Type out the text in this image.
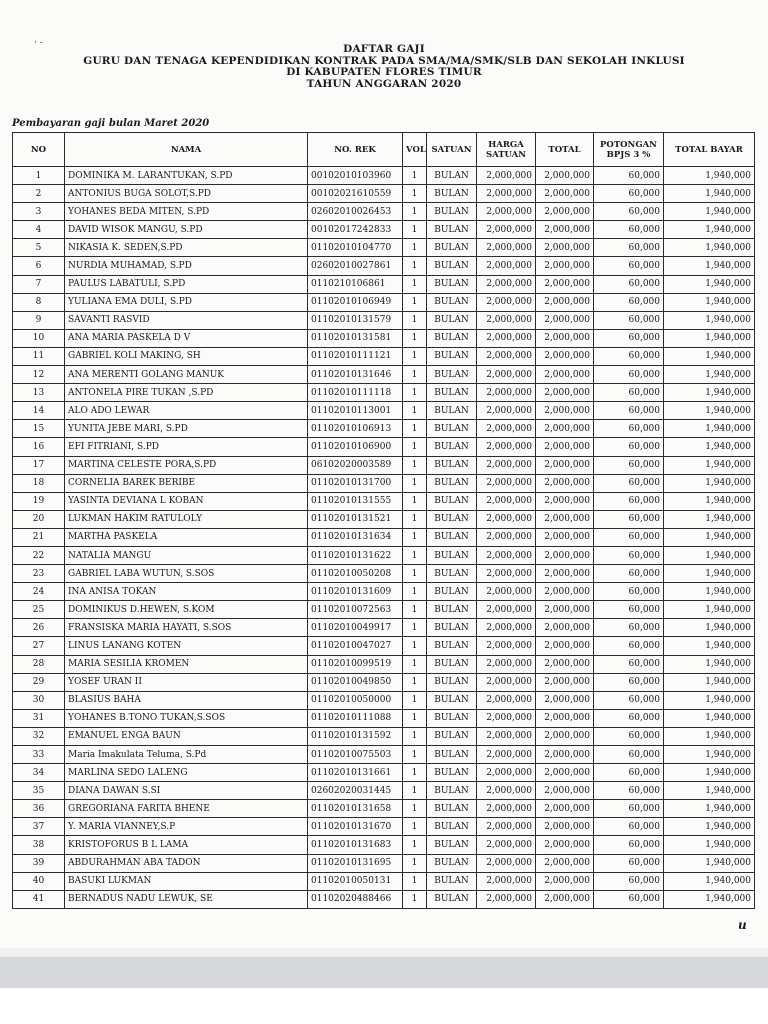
· -	DAFTAR GAJI
GURU DAN TENAGA KEPENDIDIKAN KONTRAK PADA SMA/MA/SMK/SLB DAN SEKOLAH INKLUSI
DI KABUPATEN FLORES TIMUR
TAHUN ANGGARAN 2020
Pembayaran gaji bulan Maret 2020
NO	NAMA	NO. REK	VOL	SATUAN	HARGA SATUAN	TOTAL	POTONGAN BPJS 3 %	TOTAL BAYAR
1	DOMINIKA M. LARANTUKAN, S.PD	00102010103960	1	BULAN	2,000,000	2,000,000	60,000	1,940,000
2	ANTONIUS BUGA SOLOT,S.PD	00102021610559	1	BULAN	2,000,000	2,000,000	60,000	1,940,000
3	YOHANES BEDA MITEN, S.PD	02602010026453	1	BULAN	2,000,000	2,000,000	60,000	1,940,000
4	DAVID WISOK MANGU, S.PD	00102017242833	1	BULAN	2,000,000	2,000,000	60,000	1,940,000
5	NIKASIA K. SEDEN,S.PD	01102010104770	1	BULAN	2,000,000	2,000,000	60,000	1,940,000
6	NURDIA MUHAMAD, S.PD	02602010027861	1	BULAN	2,000,000	2,000,000	60,000	1,940,000
7	PAULUS LABATULI, S.PD	0110210106861	1	BULAN	2,000,000	2,000,000	60,000	1,940,000
8	YULIANA EMA DULI, S.PD	01102010106949	1	BULAN	2,000,000	2,000,000	60,000	1,940,000
9	SAVANTI RASVID	01102010131579	1	BULAN	2,000,000	2,000,000	60,000	1,940,000
10	ANA MARIA PASKELA D V	01102010131581	1	BULAN	2,000,000	2,000,000	60,000	1,940,000
11	GABRIEL KOLI MAKING, SH	01102010111121	1	BULAN	2,000,000	2,000,000	60,000	1,940,000
12	ANA MERENTI GOLANG MANUK	01102010131646	1	BULAN	2,000,000	2,000,000	60,000	1,940,000
13	ANTONELA PIRE TUKAN ,S.PD	01102010111118	1	BULAN	2,000,000	2,000,000	60,000	1,940,000
14	ALO ADO LEWAR	01102010113001	1	BULAN	2,000,000	2,000,000	60,000	1,940,000
15	YUNITA JEBE MARI, S.PD	01102010106913	1	BULAN	2,000,000	2,000,000	60,000	1,940,000
16	EFI FITRIANI, S.PD	01102010106900	1	BULAN	2,000,000	2,000,000	60,000	1,940,000
17	MARTINA CELESTE PORA,S.PD	06102020003589	1	BULAN	2,000,000	2,000,000	60,000	1,940,000
18	CORNELIA BAREK BERIBE	01102010131700	1	BULAN	2,000,000	2,000,000	60,000	1,940,000
19	YASINTA DEVIANA L KOBAN	01102010131555	1	BULAN	2,000,000	2,000,000	60,000	1,940,000
20	LUKMAN HAKIM RATULOLY	01102010131521	1	BULAN	2,000,000	2,000,000	60,000	1,940,000
21	MARTHA PASKELA	01102010131634	1	BULAN	2,000,000	2,000,000	60,000	1,940,000
22	NATALIA MANGU	01102010131622	1	BULAN	2,000,000	2,000,000	60,000	1,940,000
23	GABRIEL LABA WUTUN, S.SOS	01102010050208	1	BULAN	2,000,000	2,000,000	60,000	1,940,000
24	INA ANISA TOKAN	01102010131609	1	BULAN	2,000,000	2,000,000	60,000	1,940,000
25	DOMINIKUS D.HEWEN, S.KOM	01102010072563	1	BULAN	2,000,000	2,000,000	60,000	1,940,000
26	FRANSISKA MARIA HAYATI, S.SOS	01102010049917	1	BULAN	2,000,000	2,000,000	60,000	1,940,000
27	LINUS LANANG KOTEN	01102010047027	1	BULAN	2,000,000	2,000,000	60,000	1,940,000
28	MARIA SESILIA KROMEN	01102010099519	1	BULAN	2,000,000	2,000,000	60,000	1,940,000
29	YOSEF URAN II	01102010049850	1	BULAN	2,000,000	2,000,000	60,000	1,940,000
30	BLASIUS BAHA	01102010050000	1	BULAN	2,000,000	2,000,000	60,000	1,940,000
31	YOHANES B.TONO TUKAN,S.SOS	01102010111088	1	BULAN	2,000,000	2,000,000	60,000	1,940,000
32	EMANUEL ENGA BAUN	01102010131592	1	BULAN	2,000,000	2,000,000	60,000	1,940,000
33	Maria Imakulata Teluma, S.Pd	01102010075503	1	BULAN	2,000,000	2,000,000	60,000	1,940,000
34	MARLINA SEDO LALENG	01102010131661	1	BULAN	2,000,000	2,000,000	60,000	1,940,000
35	DIANA DAWAN S.SI	02602020031445	1	BULAN	2,000,000	2,000,000	60,000	1,940,000
36	GREGORIANA FARITA BHENE	01102010131658	1	BULAN	2,000,000	2,000,000	60,000	1,940,000
37	Y. MARIA VIANNEY,S.P	01102010131670	1	BULAN	2,000,000	2,000,000	60,000	1,940,000
38	KRISTOFORUS B L LAMA	01102010131683	1	BULAN	2,000,000	2,000,000	60,000	1,940,000
39	ABDURAHMAN ABA TADON	01102010131695	1	BULAN	2,000,000	2,000,000	60,000	1,940,000
40	BASUKI LUKMAN	01102010050131	1	BULAN	2,000,000	2,000,000	60,000	1,940,000
41	BERNADUS NADU LEWUK, SE	01102020488466	1	BULAN	2,000,000	2,000,000	60,000	1,940,000
u
